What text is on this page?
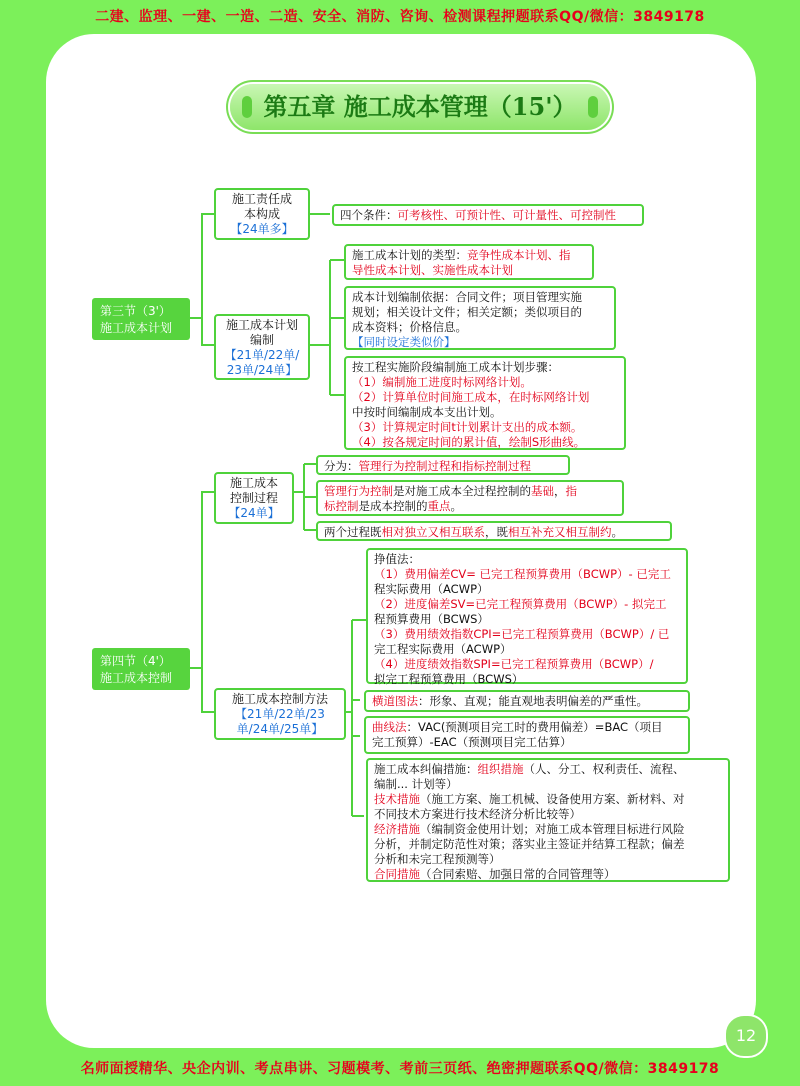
二建、监理、一建、一造、二造、安全、消防、咨询、检测课程押题联系QQ/微信：3849178
第五章 施工成本管理（15'）
第三节（3'）
施工成本计划
施工责任成
本构成
【24单多】
四个条件：可考核性、可预计性、可计量性、可控制性
施工成本计划
编制
【21单/22单/
23单/24单】
施工成本计划的类型：竞争性成本计划、指
导性成本计划、实施性成本计划
成本计划编制依据：合同文件；项目管理实施
规划；相关设计文件；相关定额；类似项目的
成本资料；价格信息。
【同时设定类似价】
按工程实施阶段编制施工成本计划步骤：
（1）编制施工进度时标网络计划。
（2）计算单位时间施工成本，在时标网络计划
中按时间编制成本支出计划。
（3）计算规定时间t计划累计支出的成本额。
（4）按各规定时间的累计值，绘制S形曲线。
第四节（4'）
施工成本控制
施工成本
控制过程
【24单】
分为：管理行为控制过程和指标控制过程
管理行为控制是对施工成本全过程控制的基础，指
标控制是成本控制的重点。
两个过程既相对独立又相互联系，既相互补充又相互制约。
施工成本控制方法
【21单/22单/23
单/24单/25单】
挣值法：
（1）费用偏差CV= 已完工程预算费用（BCWP）- 已完工
程实际费用（ACWP）
（2）进度偏差SV=已完工程预算费用（BCWP）- 拟完工
程预算费用（BCWS）
（3）费用绩效指数CPI=已完工程预算费用（BCWP）/ 已
完工程实际费用（ACWP）
（4）进度绩效指数SPI=已完工程预算费用（BCWP）/
拟完工程预算费用（BCWS）
横道图法：形象、直观；能直观地表明偏差的严重性。
曲线法：VAC(预测项目完工时的费用偏差）=BAC（项目
完工预算）-EAC（预测项目完工估算）
施工成本纠偏措施：组织措施（人、分工、权利责任、流程、
编制... 计划等）
技术措施（施工方案、施工机械、设备使用方案、新材料、对
不同技术方案进行技术经济分析比较等）
经济措施（编制资金使用计划；对施工成本管理目标进行风险
分析，并制定防范性对策；落实业主签证并结算工程款；偏差
分析和未完工程预测等）
合同措施（合同索赔、加强日常的合同管理等）
12
名师面授精华、央企内训、考点串讲、习题模考、考前三页纸、绝密押题联系QQ/微信：3849178
